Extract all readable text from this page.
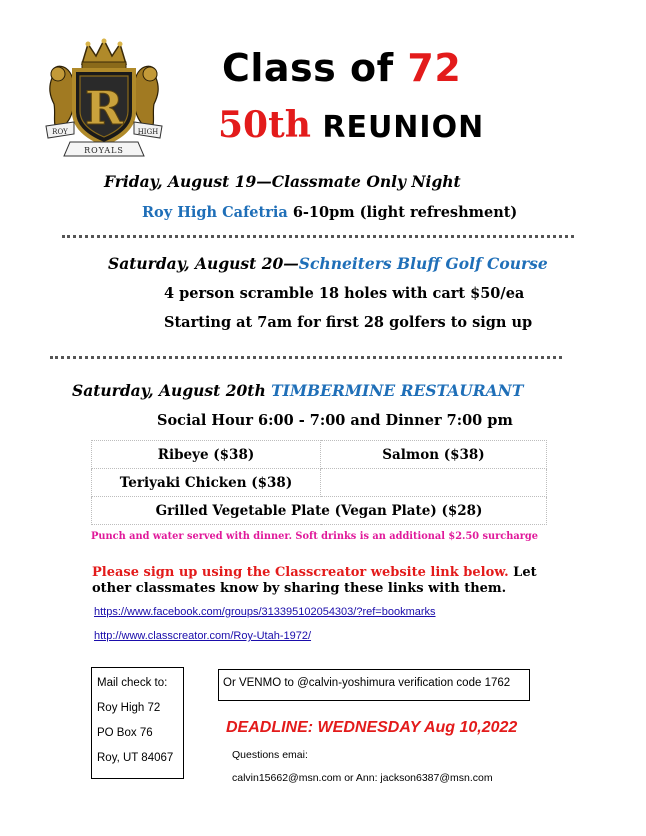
R
ROY	HIGH
ROYALS
Class of 72
50th REUNION
Friday, August 19—Classmate Only Night
Roy High Cafetria 6-10pm (light refreshment)
Saturday, August 20—Schneiters Bluff Golf Course
4 person scramble 18 holes with cart $50/ea
Starting at 7am for first 28 golfers to sign up
Saturday, August 20th TIMBERMINE RESTAURANT
Social Hour 6:00 - 7:00 and Dinner 7:00 pm
Ribeye ($38)	Salmon ($38)
Teriyaki Chicken ($38)	
Grilled Vegetable Plate (Vegan Plate) ($28)	
Punch and water served with dinner. Soft drinks is an additional $2.50 surcharge
Please sign up using the Classcreator website link below. Let
other classmates know by sharing these links with them.
https://www.facebook.com/groups/313395102054303/?ref=bookmarks
http://www.classcreator.com/Roy-Utah-1972/
Mail check to:
Roy High 72
PO Box 76
Roy, UT 84067
Or VENMO to @calvin-yoshimura verification code 1762
DEADLINE: WEDNESDAY Aug 10,2022
Questions emai:
calvin15662@msn.com or Ann: jackson6387@msn.com
